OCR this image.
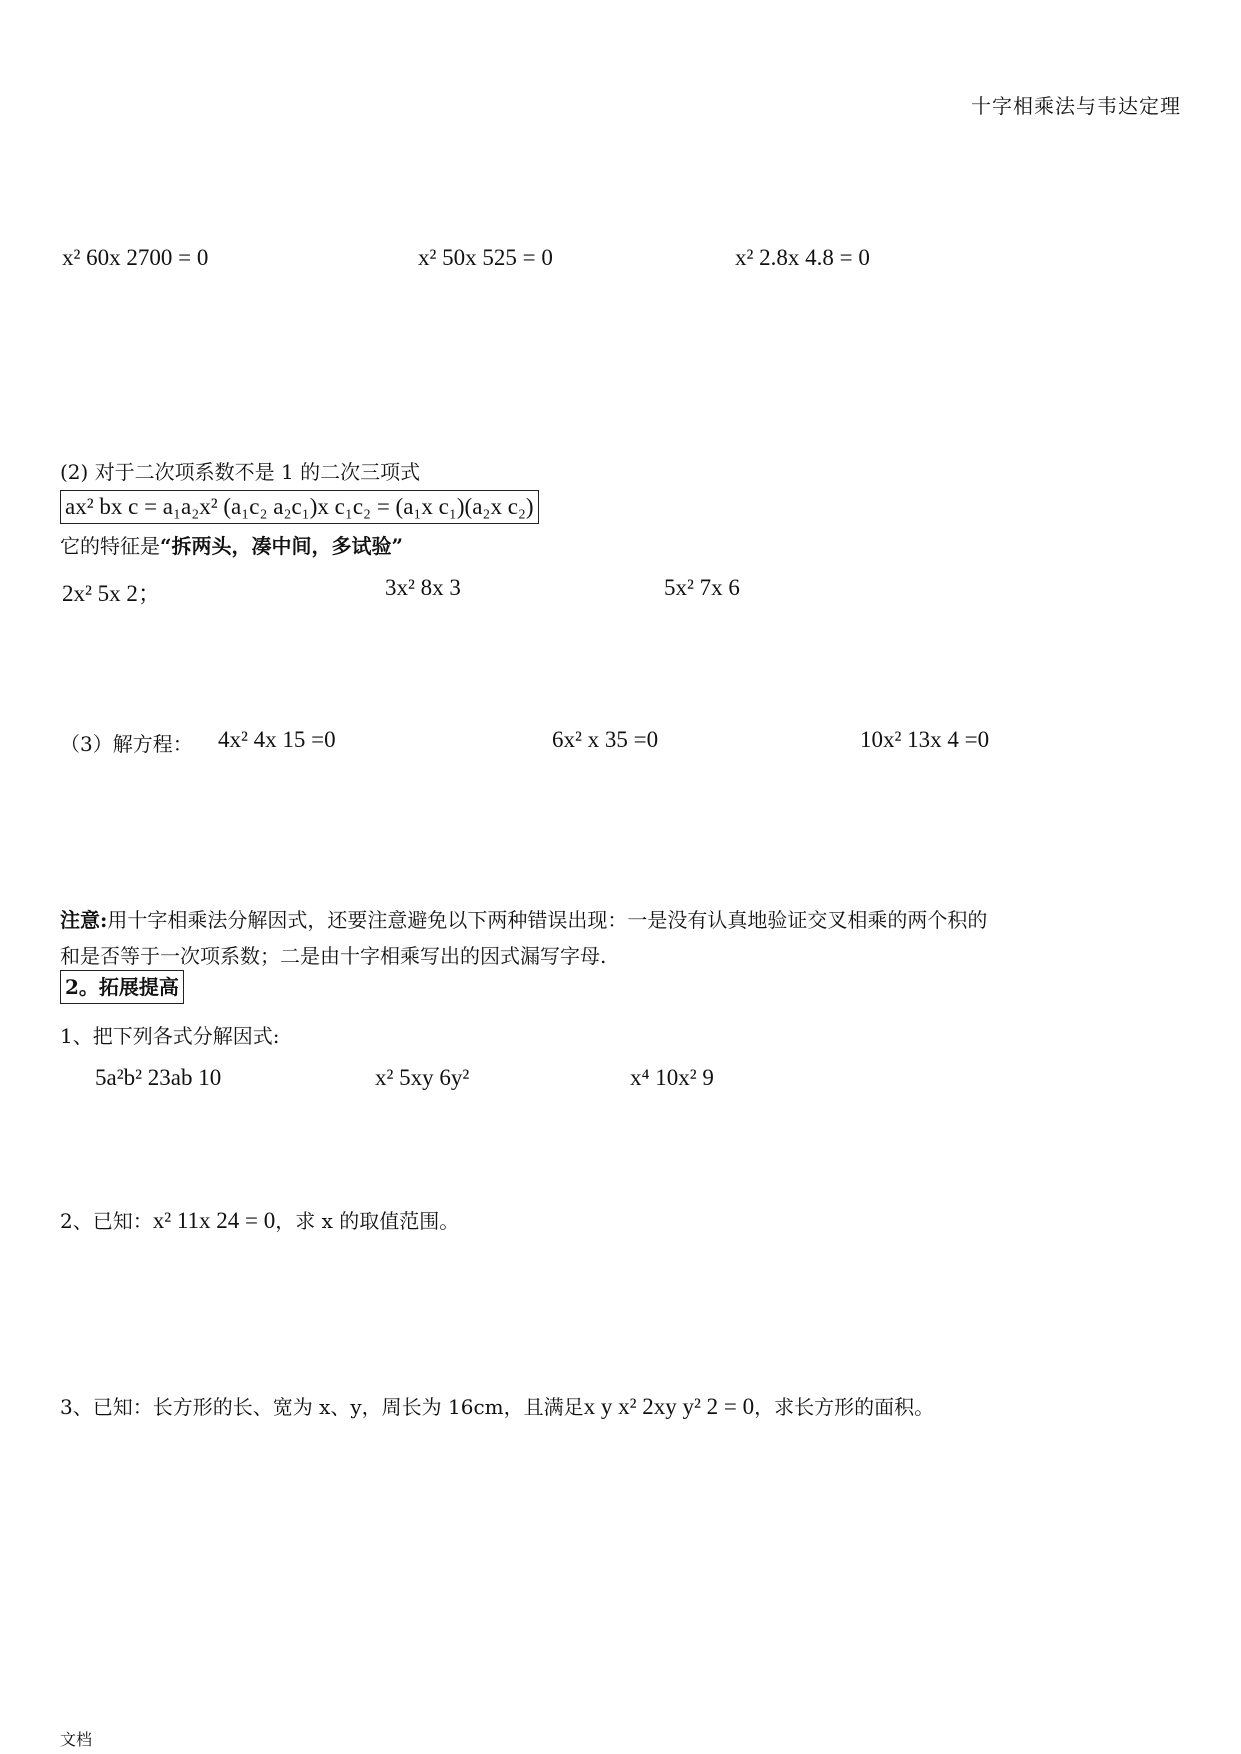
十字相乘法与韦达定理
x² 60x 2700 = 0	x² 50x 525 = 0	x² 2.8x 4.8 = 0
(2) 对于二次项系数不是 1 的二次三项式
ax² bx c = a₁a₂x² (a₁c₂ a₂c₁)x c₁c₂ = (a₁x c₁)(a₂x c₂)
它的特征是“拆两头，凑中间，多试验”
2x² 5x 2；	3x² 8x 3	5x² 7x 6
（3）解方程： 4x² 4x 15 =0	6x² x 35 =0	10x² 13x 4 =0
注意:用十字相乘法分解因式，还要注意避免以下两种错误出现：一是没有认真地验证交叉相乘的两个积的
和是否等于一次项系数；二是由十字相乘写出的因式漏写字母.
2。拓展提高
1、把下列各式分解因式:
5a²b² 23ab 10	x² 5xy 6y²	x⁴ 10x² 9
2、已知：x² 11x 24 = 0，求 x 的取值范围。
3、已知：长方形的长、宽为 x、y，周长为 16cm，且满足x y x² 2xy y² 2 = 0，求长方形的面积。
文档
